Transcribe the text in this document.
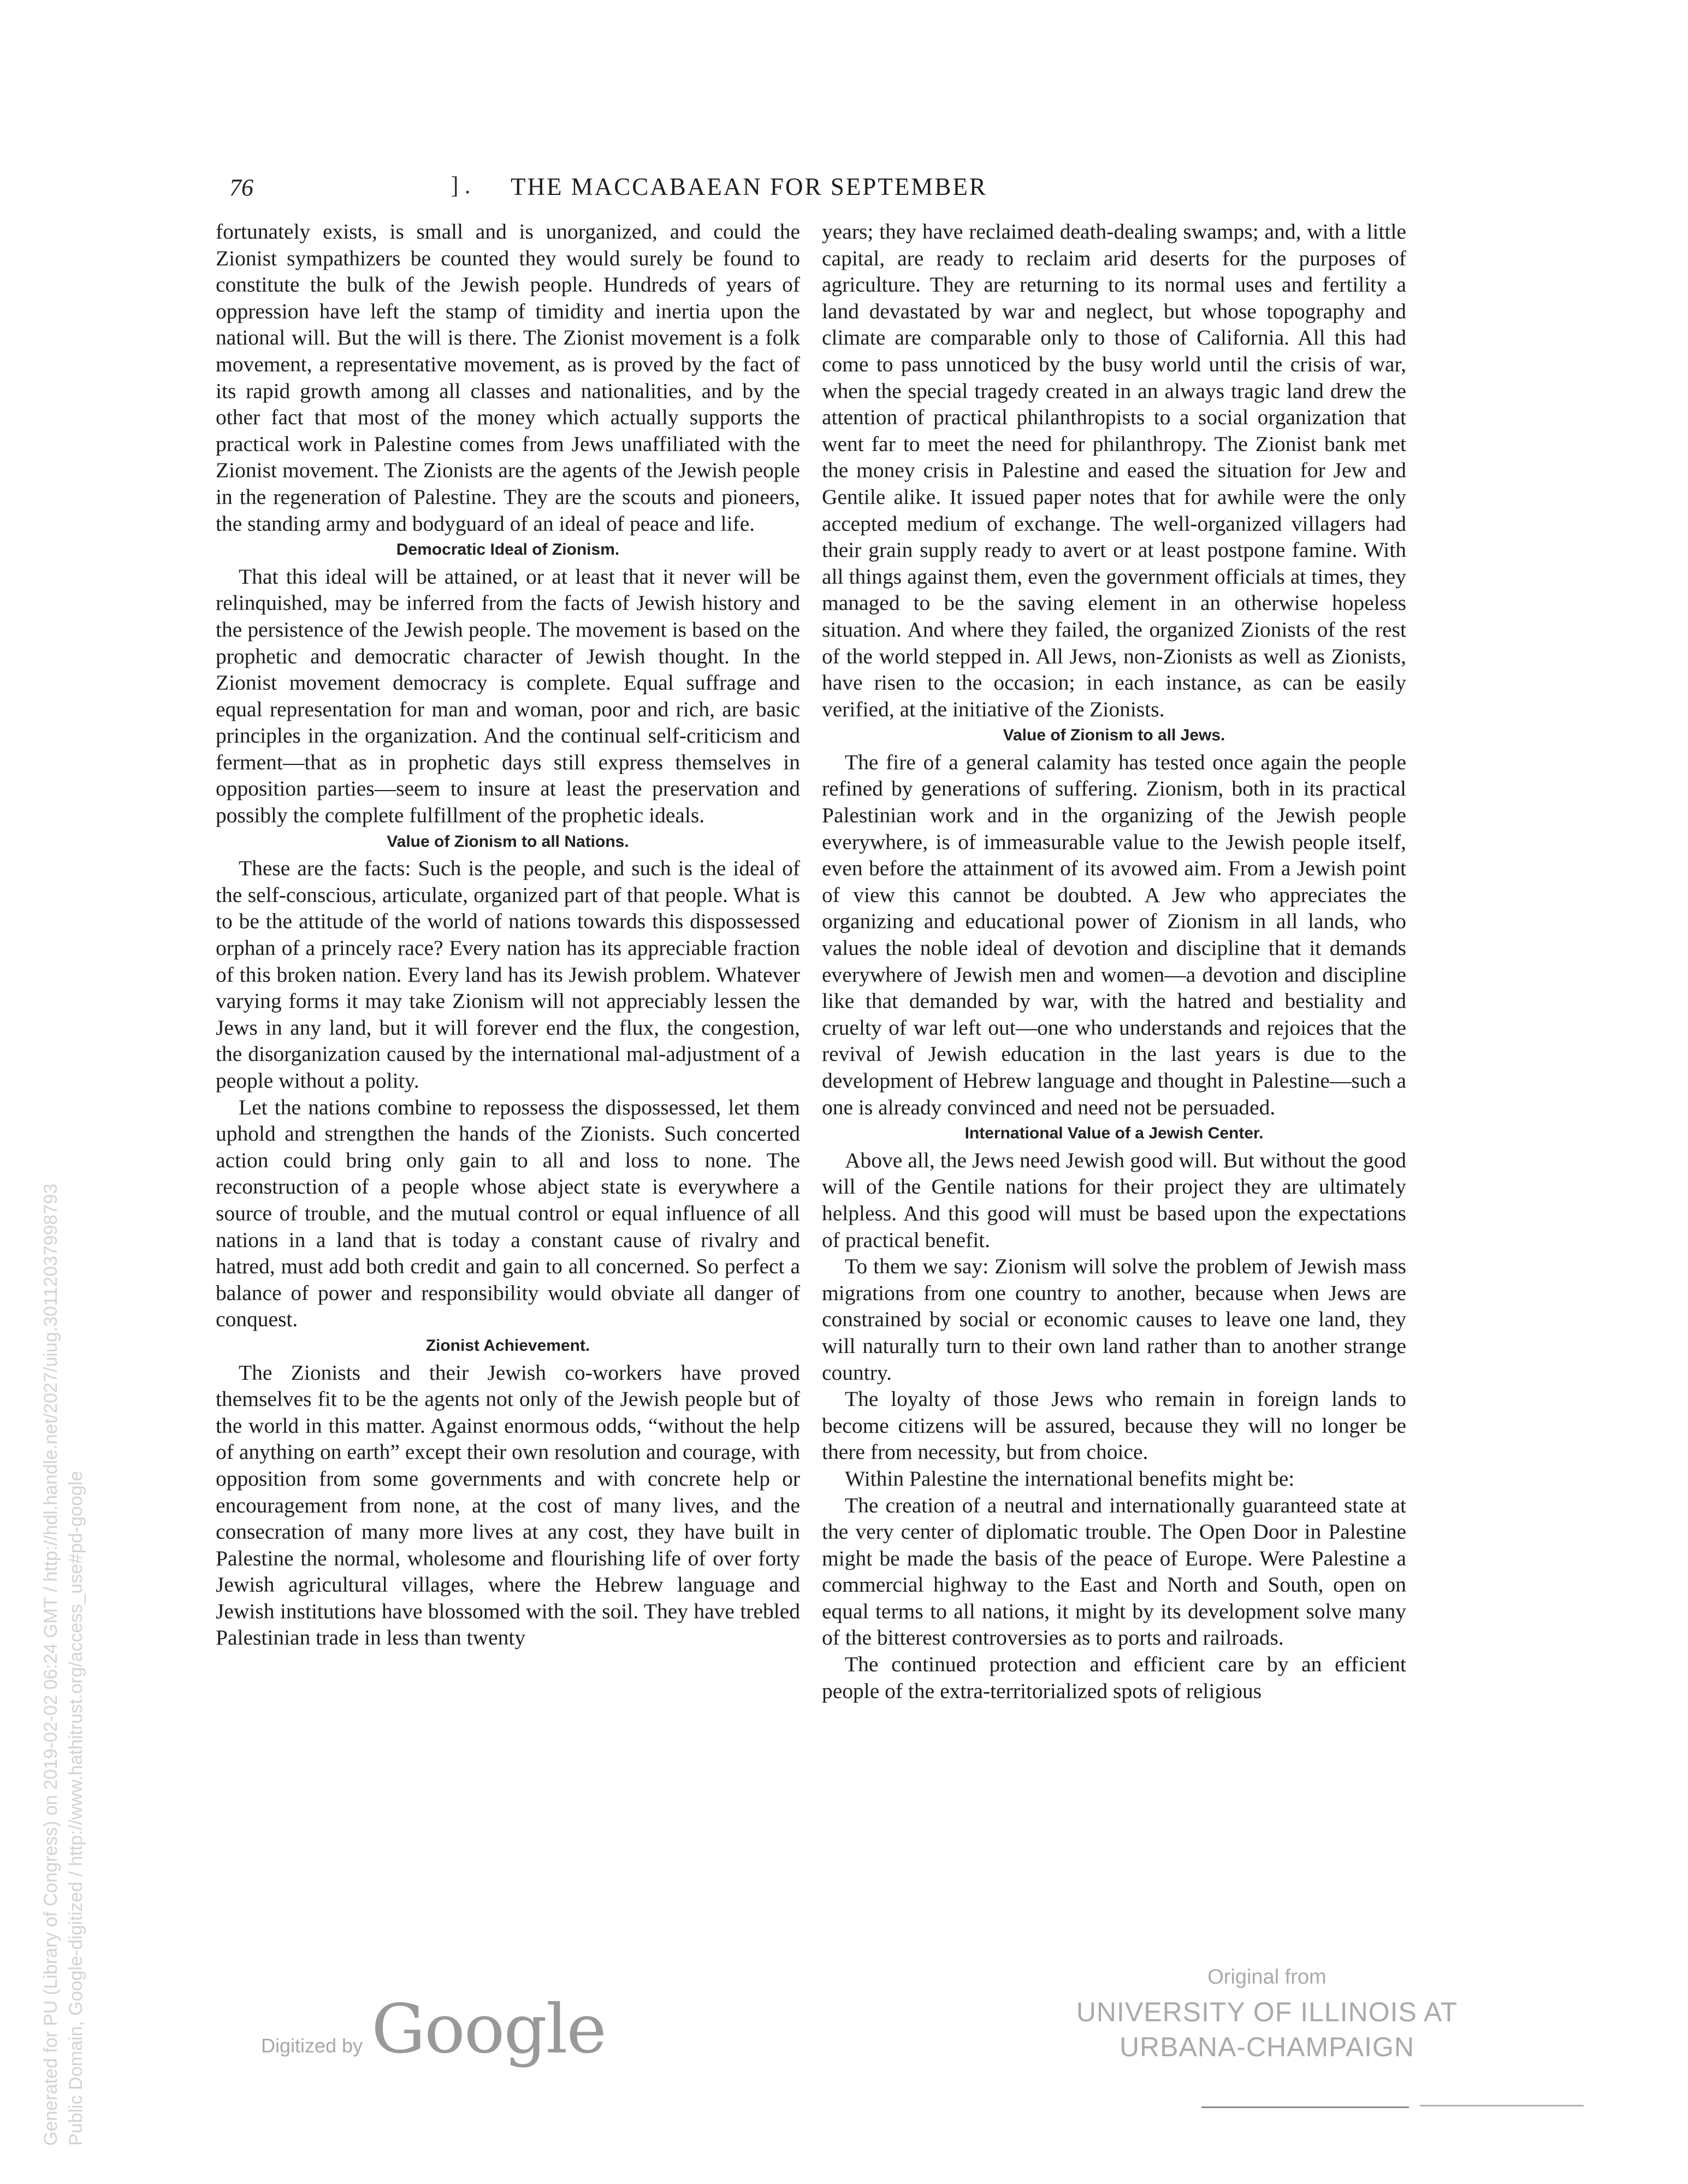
76	] . THE MACCABAEAN FOR SEPTEMBER

fortunately exists, is small and is unorganized, and could the Zionist sympathizers be counted they would surely be found to constitute the bulk of the Jewish people. Hundreds of years of oppression have left the stamp of timidity and inertia upon the national will. But the will is there. The Zionist movement is a folk movement, a representative movement, as is proved by the fact of its rapid growth among all classes and nationalities, and by the other fact that most of the money which actually supports the practical work in Palestine comes from Jews unaffiliated with the Zionist movement. The Zionists are the agents of the Jewish people in the regeneration of Palestine. They are the scouts and pioneers, the standing army and bodyguard of an ideal of peace and life.

Democratic Ideal of Zionism.

That this ideal will be attained, or at least that it never will be relinquished, may be inferred from the facts of Jewish history and the persistence of the Jewish people. The movement is based on the prophetic and democratic character of Jewish thought. In the Zionist movement democracy is complete. Equal suffrage and equal representation for man and woman, poor and rich, are basic principles in the organization. And the continual self-criticism and ferment—that as in prophetic days still express themselves in opposition parties—seem to insure at least the preservation and possibly the complete fulfillment of the prophetic ideals.

Value of Zionism to all Nations.

These are the facts: Such is the people, and such is the ideal of the self-conscious, articulate, organized part of that people. What is to be the attitude of the world of nations towards this dispossessed orphan of a princely race? Every nation has its appreciable fraction of this broken nation. Every land has its Jewish problem. Whatever varying forms it may take Zionism will not appreciably lessen the Jews in any land, but it will forever end the flux, the congestion, the disorganization caused by the international mal-adjustment of a people without a polity.

Let the nations combine to repossess the dispossessed, let them uphold and strengthen the hands of the Zionists. Such concerted action could bring only gain to all and loss to none. The reconstruction of a people whose abject state is everywhere a source of trouble, and the mutual control or equal influence of all nations in a land that is today a constant cause of rivalry and hatred, must add both credit and gain to all concerned. So perfect a balance of power and responsibility would obviate all danger of conquest.

Zionist Achievement.

The Zionists and their Jewish co-workers have proved themselves fit to be the agents not only of the Jewish people but of the world in this matter. Against enormous odds, “without the help of anything on earth” except their own resolution and courage, with opposition from some governments and with concrete help or encouragement from none, at the cost of many lives, and the consecration of many more lives at any cost, they have built in Palestine the normal, wholesome and flourishing life of over forty Jewish agricultural villages, where the Hebrew language and Jewish institutions have blossomed with the soil. They have trebled Palestinian trade in less than twenty

years; they have reclaimed death-dealing swamps; and, with a little capital, are ready to reclaim arid deserts for the purposes of agriculture. They are returning to its normal uses and fertility a land devastated by war and neglect, but whose topography and climate are comparable only to those of California. All this had come to pass unnoticed by the busy world until the crisis of war, when the special tragedy created in an always tragic land drew the attention of practical philanthropists to a social organization that went far to meet the need for philanthropy. The Zionist bank met the money crisis in Palestine and eased the situation for Jew and Gentile alike. It issued paper notes that for awhile were the only accepted medium of exchange. The well-organized villagers had their grain supply ready to avert or at least postpone famine. With all things against them, even the government officials at times, they managed to be the saving element in an otherwise hopeless situation. And where they failed, the organized Zionists of the rest of the world stepped in. All Jews, non-Zionists as well as Zionists, have risen to the occasion; in each instance, as can be easily verified, at the initiative of the Zionists.

Value of Zionism to all Jews.

The fire of a general calamity has tested once again the people refined by generations of suffering. Zionism, both in its practical Palestinian work and in the organizing of the Jewish people everywhere, is of immeasurable value to the Jewish people itself, even before the attainment of its avowed aim. From a Jewish point of view this cannot be doubted. A Jew who appreciates the organizing and educational power of Zionism in all lands, who values the noble ideal of devotion and discipline that it demands everywhere of Jewish men and women—a devotion and discipline like that demanded by war, with the hatred and bestiality and cruelty of war left out—one who understands and rejoices that the revival of Jewish education in the last years is due to the development of Hebrew language and thought in Palestine—such a one is already convinced and need not be persuaded.

International Value of a Jewish Center.

Above all, the Jews need Jewish good will. But without the good will of the Gentile nations for their project they are ultimately helpless. And this good will must be based upon the expectations of practical benefit.

To them we say: Zionism will solve the problem of Jewish mass migrations from one country to another, because when Jews are constrained by social or economic causes to leave one land, they will naturally turn to their own land rather than to another strange country.

The loyalty of those Jews who remain in foreign lands to become citizens will be assured, because they will no longer be there from necessity, but from choice.

Within Palestine the international benefits might be:

The creation of a neutral and internationally guaranteed state at the very center of diplomatic trouble. The Open Door in Palestine might be made the basis of the peace of Europe. Were Palestine a commercial highway to the East and North and South, open on equal terms to all nations, it might by its development solve many of the bitterest controversies as to ports and railroads.

The continued protection and efficient care by an efficient people of the extra-territorialized spots of religious

Generated for PU (Library of Congress) on 2019-02-02 06:24 GMT / http://hdl.handle.net/2027/uiug.30112037998793 Public Domain, Google-digitized / http://www.hathitrust.org/access_use#pd-google	Digitized by Google
Original from
UNIVERSITY OF ILLINOIS AT
URBANA-CHAMPAIGN
